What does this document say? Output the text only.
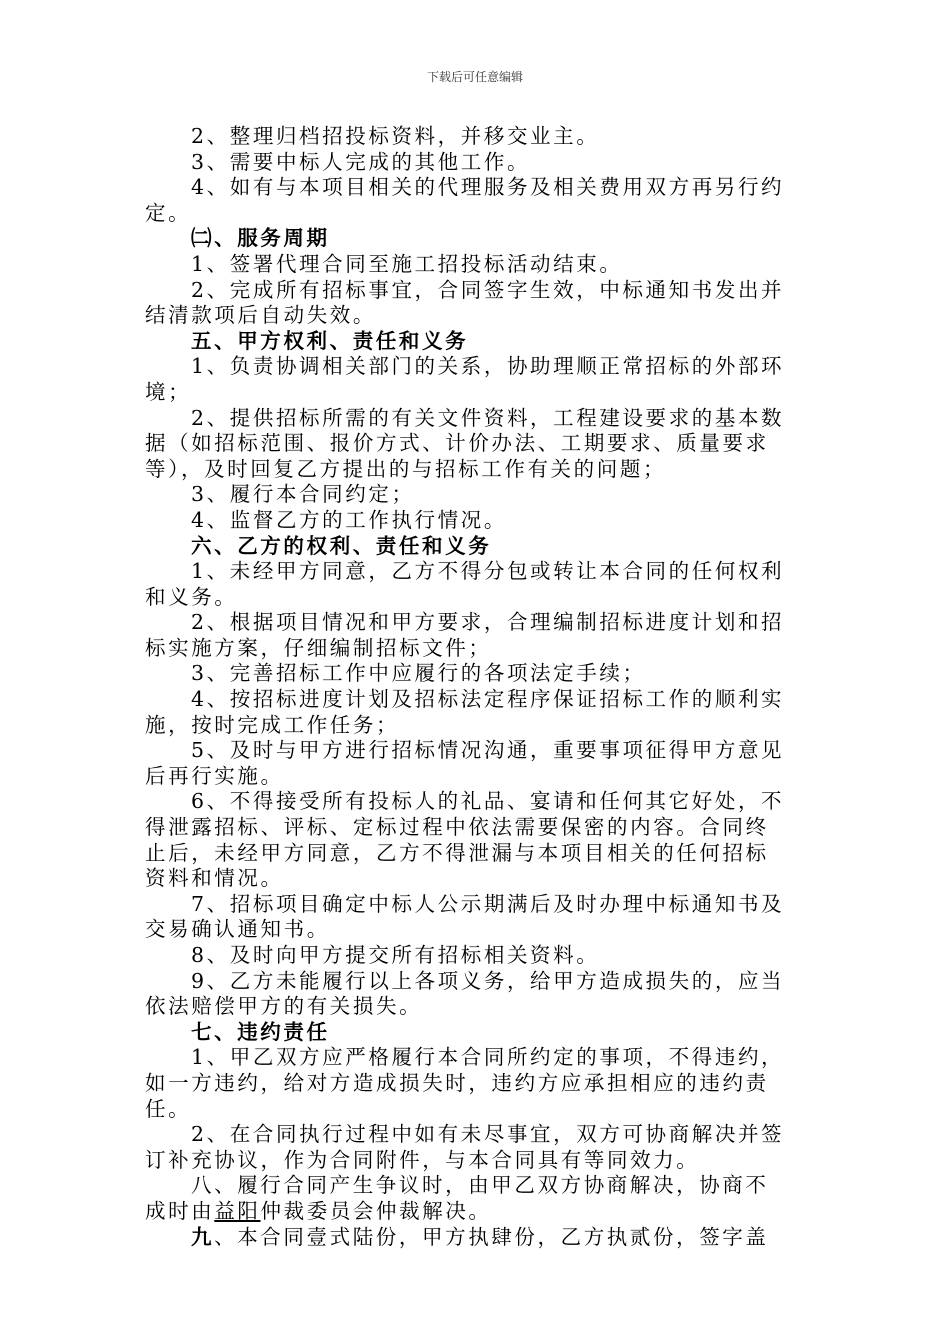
下载后可任意编辑
2、整理归档招投标资料，并移交业主。
3、需要中标人完成的其他工作。
4、如有与本项目相关的代理服务及相关费用双方再另行约
定。
㈡、服务周期
1、签署代理合同至施工招投标活动结束。
2、完成所有招标事宜，合同签字生效，中标通知书发出并
结清款项后自动失效。
五、甲方权利、责任和义务
1、负责协调相关部门的关系，协助理顺正常招标的外部环
境；
2、提供招标所需的有关文件资料，工程建设要求的基本数
据（如招标范围、报价方式、计价办法、工期要求、质量要求
等），及时回复乙方提出的与招标工作有关的问题；
3、履行本合同约定；
4、监督乙方的工作执行情况。
六、乙方的权利、责任和义务
1、未经甲方同意，乙方不得分包或转让本合同的任何权利
和义务。
2、根据项目情况和甲方要求，合理编制招标进度计划和招
标实施方案，仔细编制招标文件；
3、完善招标工作中应履行的各项法定手续；
4、按招标进度计划及招标法定程序保证招标工作的顺利实
施，按时完成工作任务；
5、及时与甲方进行招标情况沟通，重要事项征得甲方意见
后再行实施。
6、不得接受所有投标人的礼品、宴请和任何其它好处，不
得泄露招标、评标、定标过程中依法需要保密的内容。合同终
止后，未经甲方同意，乙方不得泄漏与本项目相关的任何招标
资料和情况。
7、招标项目确定中标人公示期满后及时办理中标通知书及
交易确认通知书。
8、及时向甲方提交所有招标相关资料。
9、乙方未能履行以上各项义务，给甲方造成损失的，应当
依法赔偿甲方的有关损失。
七、违约责任
1、甲乙双方应严格履行本合同所约定的事项，不得违约，
如一方违约，给对方造成损失时，违约方应承担相应的违约责
任。
2、在合同执行过程中如有未尽事宜，双方可协商解决并签
订补充协议，作为合同附件，与本合同具有等同效力。
八、履行合同产生争议时，由甲乙双方协商解决，协商不
成时由益阳仲裁委员会仲裁解决。
九、本合同壹式陆份，甲方执肆份，乙方执贰份，签字盖
